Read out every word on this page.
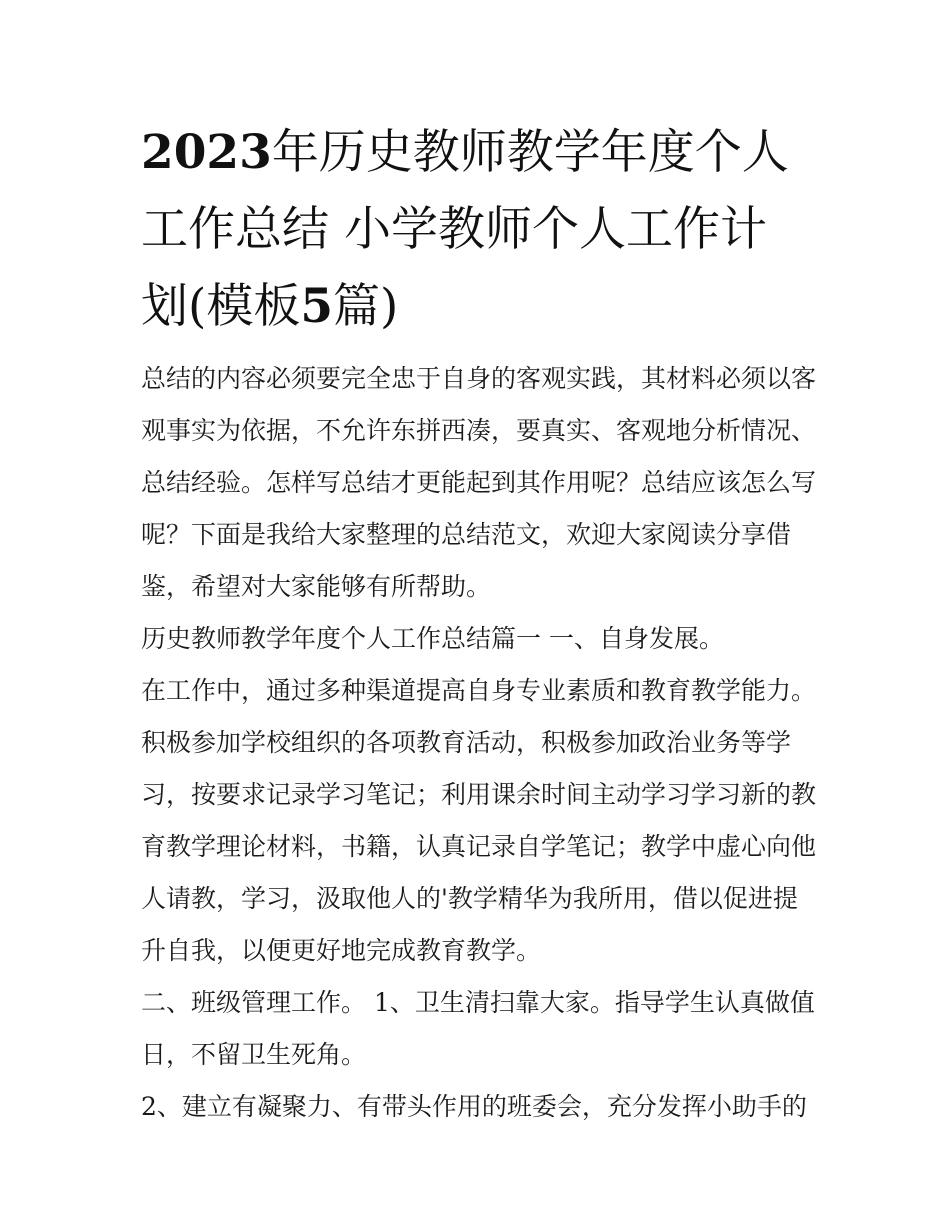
2023年历史教师教学年度个人
工作总结 小学教师个人工作计
划(模板5篇)

总结的内容必须要完全忠于自身的客观实践，其材料必须以客观事实为依据，不允许东拼西凑，要真实、客观地分析情况、总结经验。怎样写总结才更能起到其作用呢？总结应该怎么写呢？下面是我给大家整理的总结范文，欢迎大家阅读分享借鉴，希望对大家能够有所帮助。

历史教师教学年度个人工作总结篇一 一、自身发展。

在工作中，通过多种渠道提高自身专业素质和教育教学能力。积极参加学校组织的各项教育活动，积极参加政治业务等学习，按要求记录学习笔记；利用课余时间主动学习学习新的教育教学理论材料，书籍，认真记录自学笔记；教学中虚心向他人请教，学习，汲取他人的'教学精华为我所用，借以促进提升自我，以便更好地完成教育教学。

二、班级管理工作。 1、卫生清扫靠大家。指导学生认真做值日，不留卫生死角。

2、建立有凝聚力、有带头作用的班委会，充分发挥小助手的
